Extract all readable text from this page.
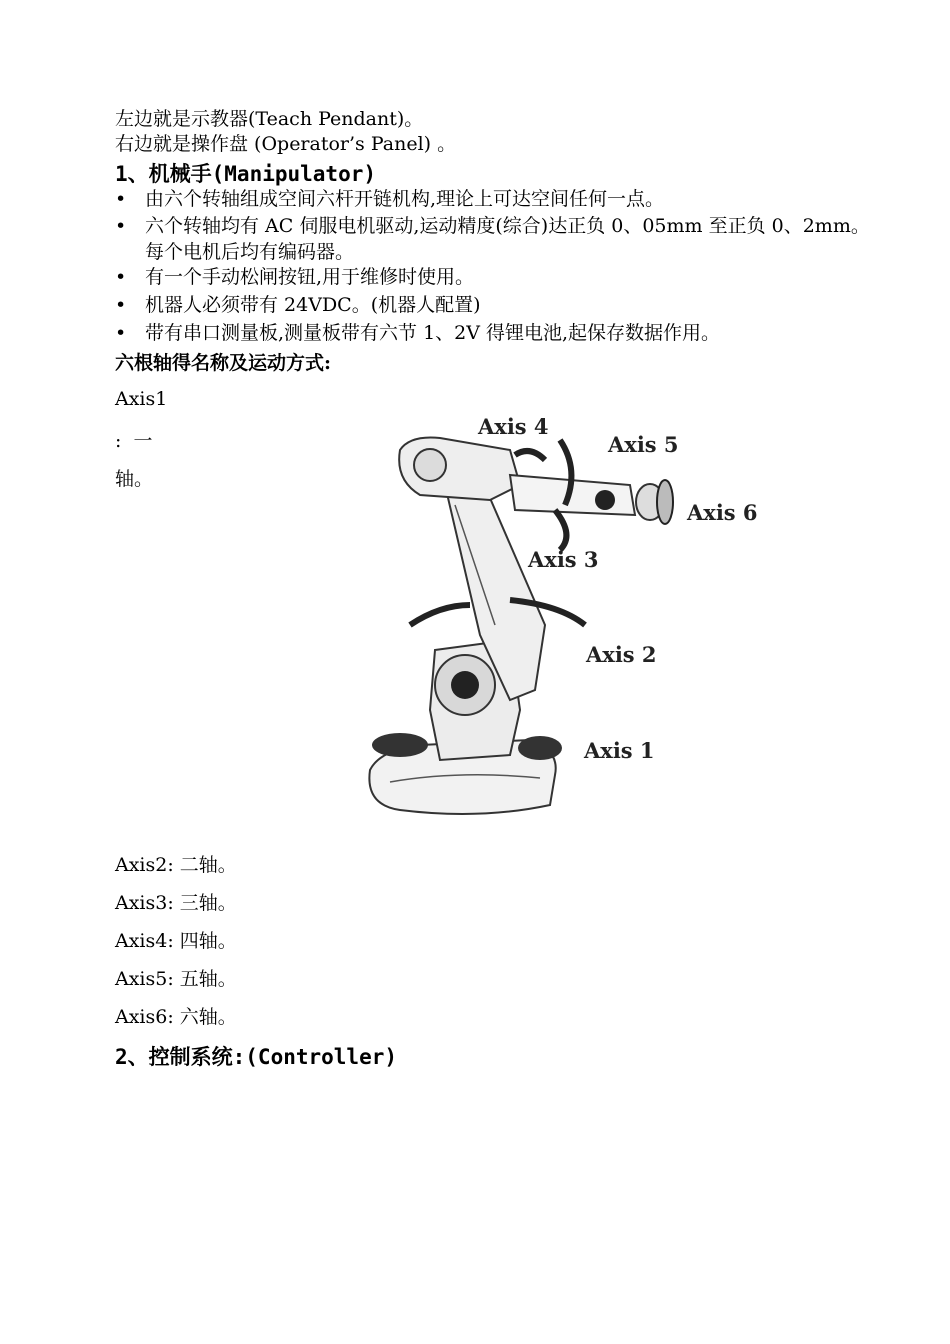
左边就是示教器(Teach Pendant)。
右边就是操作盘 (Operator’s Panel) 。
1、机械手(Manipulator)
• 由六个转轴组成空间六杆开链机构,理论上可达空间任何一点。
• 六个转轴均有 AC 伺服电机驱动,运动精度(综合)达正负 0、05mm 至正负 0、2mm。每个电机后均有编码器。
• 有一个手动松闸按钮,用于维修时使用。
• 机器人必须带有 24VDC。(机器人配置)
• 带有串口测量板,测量板带有六节 1、2V 得锂电池,起保存数据作用。
六根轴得名称及运动方式:
Axis1
:  一
轴。
Axis 4
Axis 5
Axis 6
Axis 3
Axis 2
Axis 1
Axis2: 二轴。
Axis3: 三轴。
Axis4: 四轴。
Axis5: 五轴。
Axis6: 六轴。
2、控制系统:(Controller)
